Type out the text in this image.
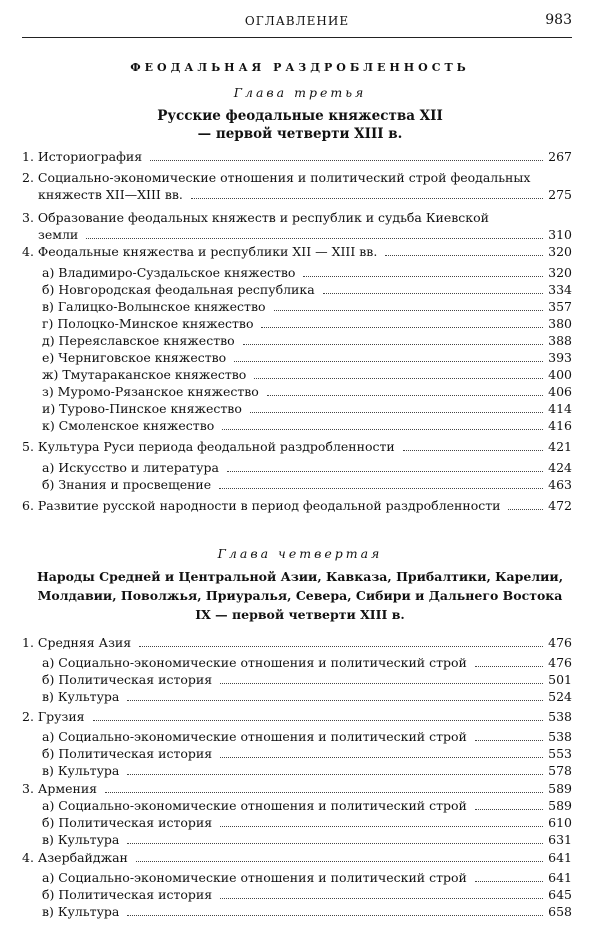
ОГЛАВЛЕНИЕ	983
ФЕОДАЛЬНАЯ РАЗДРОБЛЕННОСТЬ
Глава третья
Русские феодальные княжества XII
— первой четверти XIII в.
1. Историография	267
2. Социально-экономические отношения и политический строй феодальных
княжеств XII—XIII вв.	275
3. Образование феодальных княжеств и республик и судьба Киевской
земли	310
4. Феодальные княжества и республики XII — XIII вв.	320
а) Владимиро-Суздальское княжество	320
б) Новгородская феодальная республика	334
в) Галицко-Волынское княжество	357
г) Полоцко-Минское княжество	380
д) Переяславское княжество	388
е) Черниговское княжество	393
ж) Тмутараканское княжество	400
з) Муромо-Рязанское княжество	406
и) Турово-Пинское княжество	414
к) Смоленское княжество	416
5. Культура Руси периода феодальной раздробленности	421
а) Искусство и литература	424
б) Знания и просвещение	463
6. Развитие русской народности в период феодальной раздробленности	472
Глава четвертая
Народы Средней и Центральной Азии, Кавказа, Прибалтики, Карелии,
Молдавии, Поволжья, Приуралья, Севера, Сибири и Дальнего Востока
IX — первой четверти XIII в.
1. Средняя Азия	476
а) Социально-экономические отношения и политический строй	476
б) Политическая история	501
в) Культура	524
2. Грузия	538
а) Социально-экономические отношения и политический строй	538
б) Политическая история	553
в) Культура	578
3. Армения	589
а) Социально-экономические отношения и политический строй	589
б) Политическая история	610
в) Культура	631
4. Азербайджан	641
а) Социально-экономические отношения и политический строй	641
б) Политическая история	645
в) Культура	658
